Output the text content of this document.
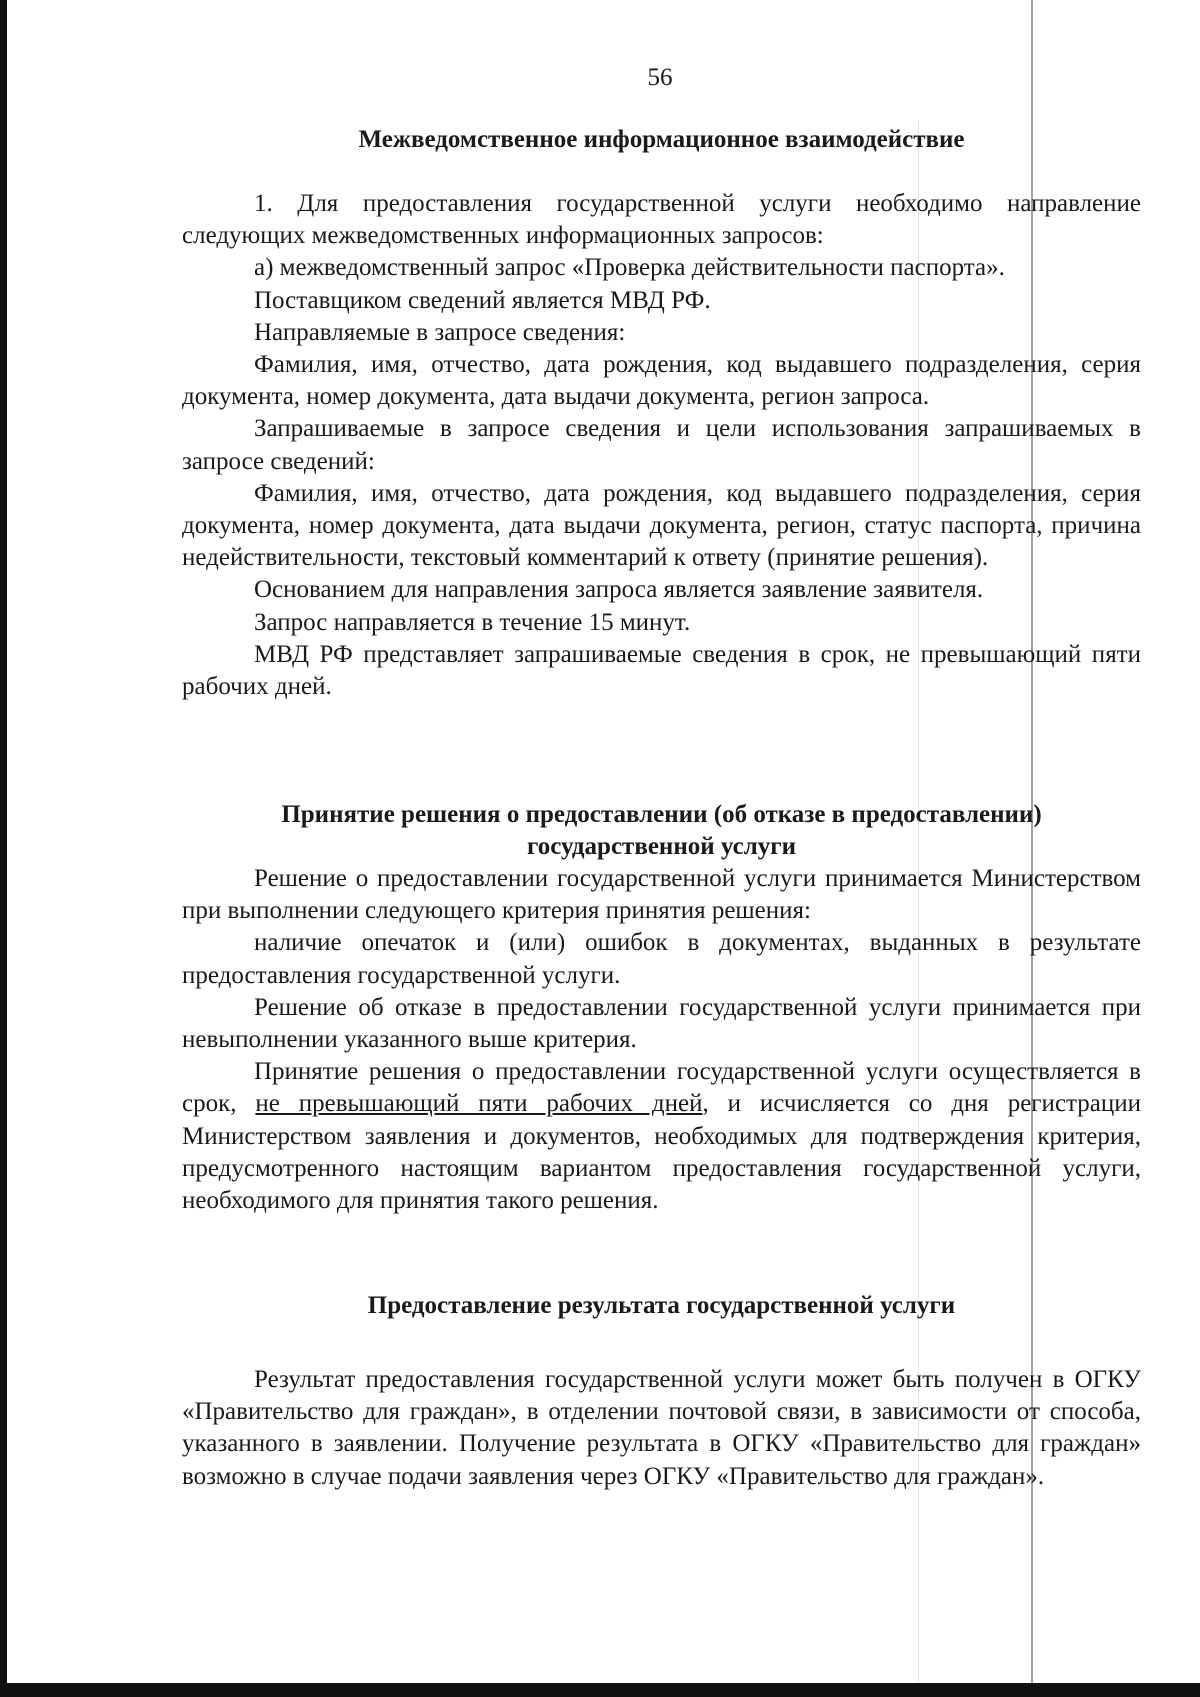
56
Межведомственное информационное взаимодействие

1. Для предоставления государственной услуги необходимо направление следующих межведомственных информационных запросов:

а) межведомственный запрос «Проверка действительности паспорта».

Поставщиком сведений является МВД РФ.

Направляемые в запросе сведения:

Фамилия, имя, отчество, дата рождения, код выдавшего подразделения, серия документа, номер документа, дата выдачи документа, регион запроса.

Запрашиваемые в запросе сведения и цели использования запрашиваемых в запросе сведений:

Фамилия, имя, отчество, дата рождения, код выдавшего подразделения, серия документа, номер документа, дата выдачи документа, регион, статус паспорта, причина недействительности, текстовый комментарий к ответу (принятие решения).

Основанием для направления запроса является заявление заявителя.

Запрос направляется в течение 15 минут.

МВД РФ представляет запрашиваемые сведения в срок, не превышающий пяти рабочих дней.

Принятие решения о предоставлении (об отказе в предоставлении)
государственной услуги

Решение о предоставлении государственной услуги принимается Министерством при выполнении следующего критерия принятия решения:

наличие опечаток и (или) ошибок в документах, выданных в результате предоставления государственной услуги.

Решение об отказе в предоставлении государственной услуги принимается при невыполнении указанного выше критерия.

Принятие решения о предоставлении государственной услуги осуществляется в срок, не превышающий пяти рабочих дней, и исчисляется со дня регистрации Министерством заявления и документов, необходимых для подтверждения критерия, предусмотренного настоящим вариантом предоставления государственной услуги, необходимого для принятия такого решения.

Предоставление результата государственной услуги

Результат предоставления государственной услуги может быть получен в ОГКУ «Правительство для граждан», в отделении почтовой связи, в зависимости от способа, указанного в заявлении. Получение результата в ОГКУ «Правительство для граждан» возможно в случае подачи заявления через ОГКУ «Правительство для граждан».
